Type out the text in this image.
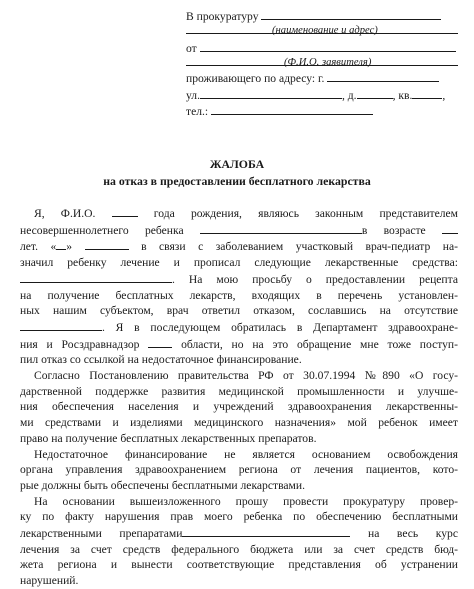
В прокуратуру
(наименование и адрес)
от
(Ф.И.О. заявителя)
проживающего по адресу: г.
ул.	, д.	, кв.	,
тел.:
ЖАЛОБА
на отказ в предоставлении бесплатного лекарства

Я, Ф.И.О.	года рождения, являюсь законным представителем

несовершеннолетнего ребенка	в возрасте

лет. « »	в связи с заболеванием участковый врач-педиатр на-

значил ребенку лечение и прописал следующие лекарственные средства:

. На мою просьбу о предоставлении рецепта

на получение бесплатных лекарств, входящих в перечень установлен-

ных нашим субъектом, врач ответил отказом, сославшись на отсутствие

. Я в последующем обратилась в Департамент здравоохране-

ния и Росздравнадзор	области, но на это обращение мне тоже поступ-

пил отказ со ссылкой на недостаточное финансирование.

Согласно Постановлению правительства РФ от 30.07.1994 №890 «О госу-

дарственной поддержке развития медицинской промышленности и улучше-

ния обеспечения населения и учреждений здравоохранения лекарственны-

ми средствами и изделиями медицинского назначения» мой ребенок имеет

право на получение бесплатных лекарственных препаратов.

Недостаточное финансирование не является основанием освобождения

органа управления здравоохранением региона от лечения пациентов, кото-

рые должны быть обеспечены бесплатными лекарствами.

На основании вышеизложенного прошу провести прокуратуру провер-

ку по факту нарушения прав моего ребенка по обеспечению бесплатными

лекарственными препаратами	на весь курс

лечения за счет средств федерального бюджета или за счет средств бюд-

жета региона и вынести соответствующие представления об устранении

нарушений.
